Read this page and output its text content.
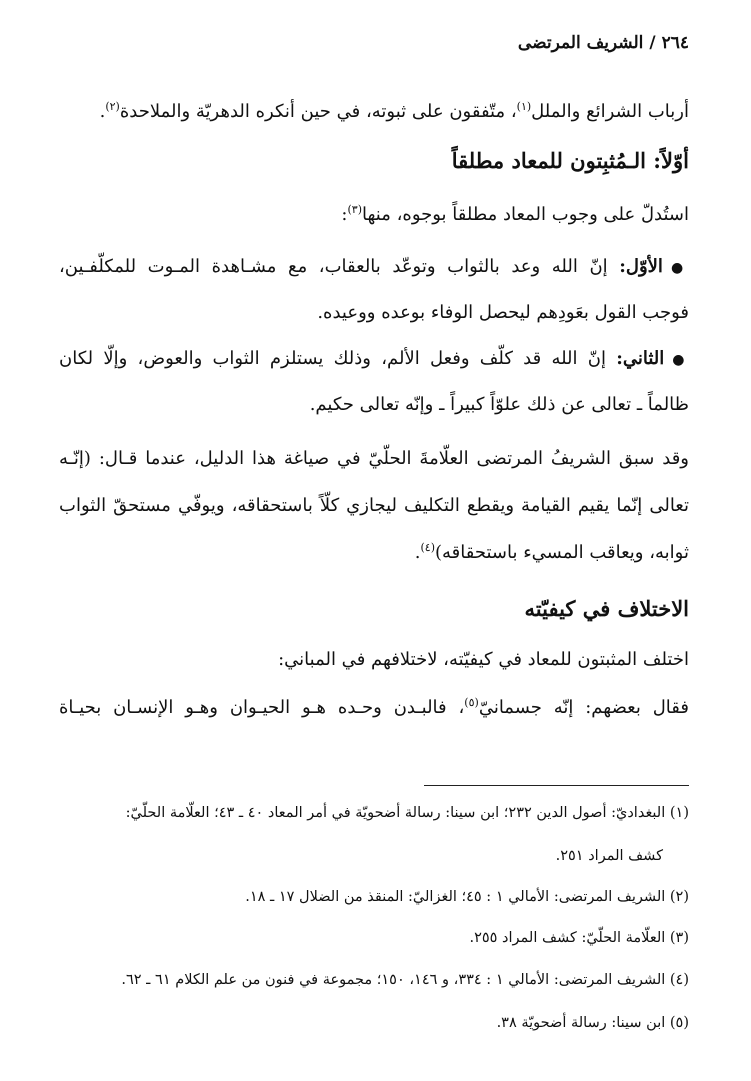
٢٦٤
/
الشريف المرتضى
أرباب الشرائع والملل$^{(١)}$، متّفقون على ثبوته، في حين أنكره الدهريّة والملاحدة$^{(٢)}$.
أوّلاً: الـمُثبِتون للمعاد مطلقاً
استُدلّ على وجوب المعاد مطلقاً بوجوه، منها$^{(٣)}$:
●الأوّل: إنّ الله وعد بالثواب وتوعّد بالعقاب، مع مشـاهدة المـوت للمكلّفـين،
فوجب القول بعَودِهم ليحصل الوفاء بوعده ووعيده.
●الثاني: إنّ الله قد كلّف وفعل الألم، وذلك يستلزم الثواب والعوض، وإلّا لكان
ظالماً ـ تعالى عن ذلك علوّاً كبيراً ـ وإنّه تعالى حكيم.
وقد سبق الشريفُ المرتضى العلّامةَ الحلّيّ في صياغة هذا الدليل، عندما قـال: (إنّـه
تعالى إنّما يقيم القيامة ويقطع التكليف ليجازي كلّاً باستحقاقه، ويوفّي مستحقّ الثواب
ثوابه، ويعاقب المسيء باستحقاقه)$^{(٤)}$.
الاختلاف في كيفيّته
اختلف المثبتون للمعاد في كيفيّته، لاختلافهم في المباني:
فقال بعضهم: إنّه جسمانيّ$^{(٥)}$، فالبـدن وحـده هـو الحيـوان وهـو الإنسـان بحيـاة
(١) البغداديّ: أصول الدين ٢٣٢؛ ابن سينا: رسالة أضحويّة في أمر المعاد ٤٠ ـ ٤٣؛ العلّامة الحلّيّ:
كشف المراد ٢٥١.
(٢) الشريف المرتضى: الأمالي ١ : ٤٥؛ الغزاليّ: المنقذ من الضلال ١٧ ـ ١٨.
(٣) العلّامة الحلّيّ: كشف المراد ٢٥٥.
(٤) الشريف المرتضى: الأمالي ١ : ٣٣٤، و ١٤٦، ١٥٠؛ مجموعة في فنون من علم الكلام ٦١ ـ ٦٢.
(٥) ابن سينا: رسالة أضحويّة ٣٨.
